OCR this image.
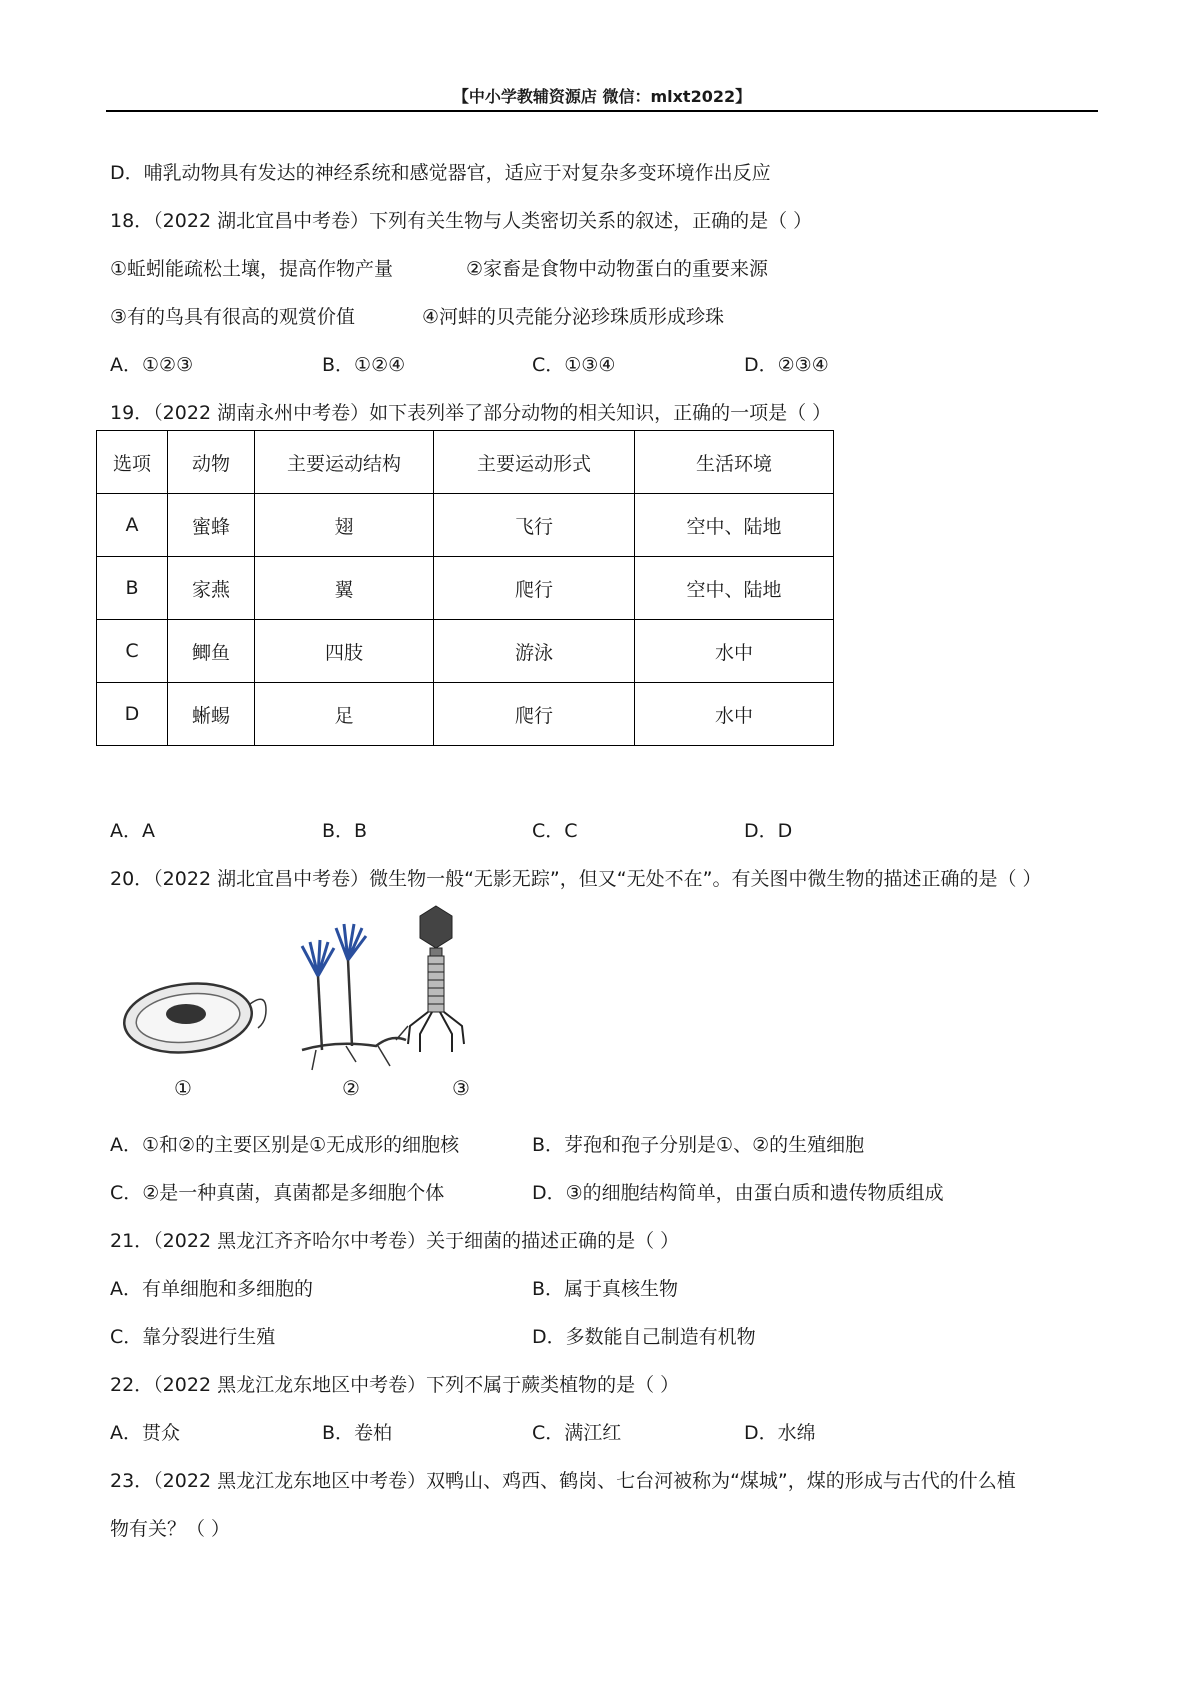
【中小学教辅资源店 微信：mlxt2022】
D．哺乳动物具有发达的神经系统和感觉器官，适应于对复杂多变环境作出反应
18．（2022 湖北宜昌中考卷）下列有关生物与人类密切关系的叙述，正确的是（ ）
①蚯蚓能疏松土壤，提高作物产量	②家畜是食物中动物蛋白的重要来源
③有的鸟具有很高的观赏价值	④河蚌的贝壳能分泌珍珠质形成珍珠
A．①②③	B．①②④	C．①③④	D．②③④
19．（2022 湖南永州中考卷）如下表列举了部分动物的相关知识，正确的一项是（ ）
选项	动物	主要运动结构	主要运动形式	生活环境
A	蜜蜂	翅	飞行	空中、陆地
B	家燕	翼	爬行	空中、陆地
C	鲫鱼	四肢	游泳	水中
D	蜥蜴	足	爬行	水中
A．A	B．B	C．C	D．D
20．（2022 湖北宜昌中考卷）微生物一般“无影无踪”，但又“无处不在”。有关图中微生物的描述正确的是（ ）
①	②	③
A．①和②的主要区别是①无成形的细胞核	B．芽孢和孢子分别是①、②的生殖细胞
C．②是一种真菌，真菌都是多细胞个体	D．③的细胞结构简单，由蛋白质和遗传物质组成
21．（2022 黑龙江齐齐哈尔中考卷）关于细菌的描述正确的是（ ）
A．有单细胞和多细胞的	B．属于真核生物
C．靠分裂进行生殖	D．多数能自己制造有机物
22．（2022 黑龙江龙东地区中考卷）下列不属于蕨类植物的是（ ）
A．贯众	B．卷柏	C．满江红	D．水绵
23．（2022 黑龙江龙东地区中考卷）双鸭山、鸡西、鹤岗、七台河被称为“煤城”，煤的形成与古代的什么植
物有关？（ ）
